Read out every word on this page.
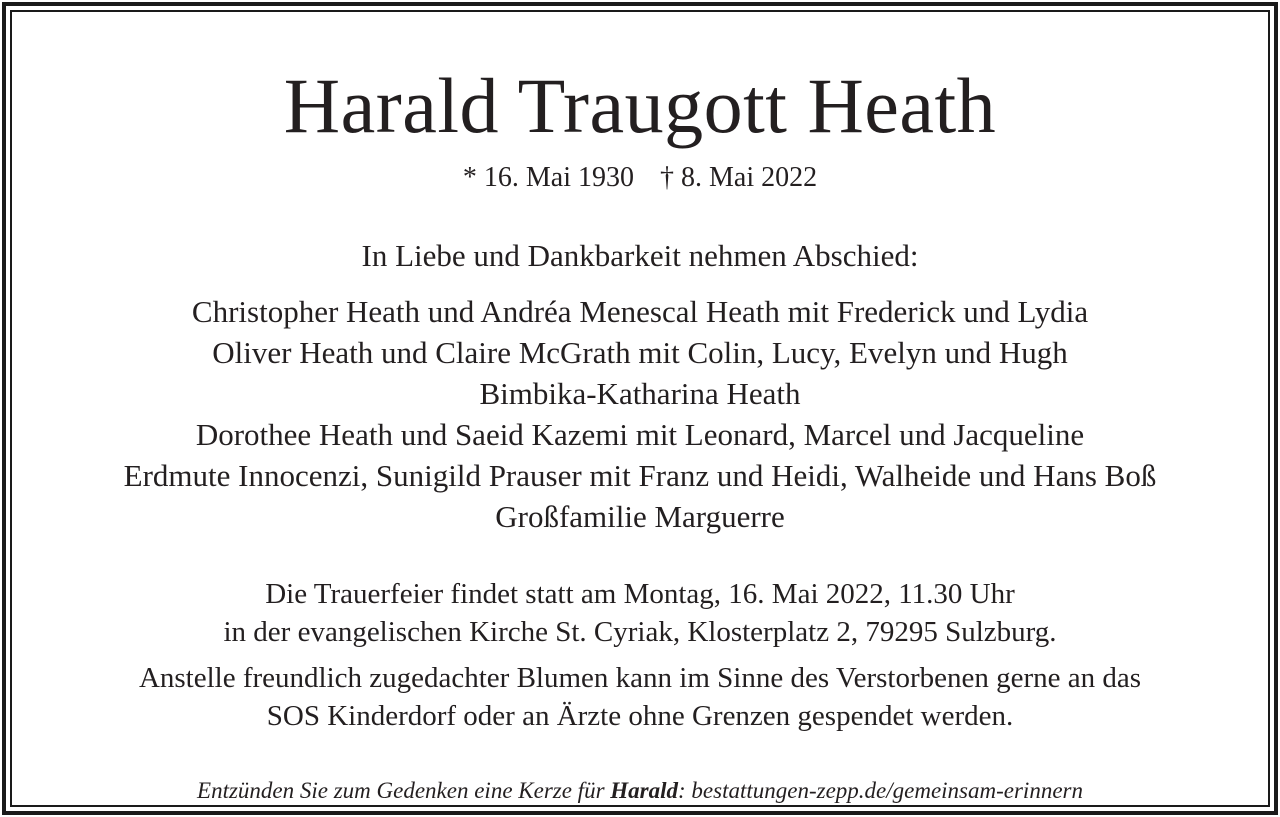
Harald Traugott Heath
* 16. Mai 1930 † 8. Mai 2022
In Liebe und Dankbarkeit nehmen Abschied:
Christopher Heath und Andréa Menescal Heath mit Frederick und Lydia
Oliver Heath und Claire McGrath mit Colin, Lucy, Evelyn und Hugh
Bimbika-Katharina Heath
Dorothee Heath und Saeid Kazemi mit Leonard, Marcel und Jacqueline
Erdmute Innocenzi, Sunigild Prauser mit Franz und Heidi, Walheide und Hans Boß
Großfamilie Marguerre
Die Trauerfeier findet statt am Montag, 16. Mai 2022, 11.30 Uhr
in der evangelischen Kirche St. Cyriak, Klosterplatz 2, 79295 Sulzburg.
Anstelle freundlich zugedachter Blumen kann im Sinne des Verstorbenen gerne an das
SOS Kinderdorf oder an Ärzte ohne Grenzen gespendet werden.
Entzünden Sie zum Gedenken eine Kerze für Harald: bestattungen-zepp.de/gemeinsam-erinnern
